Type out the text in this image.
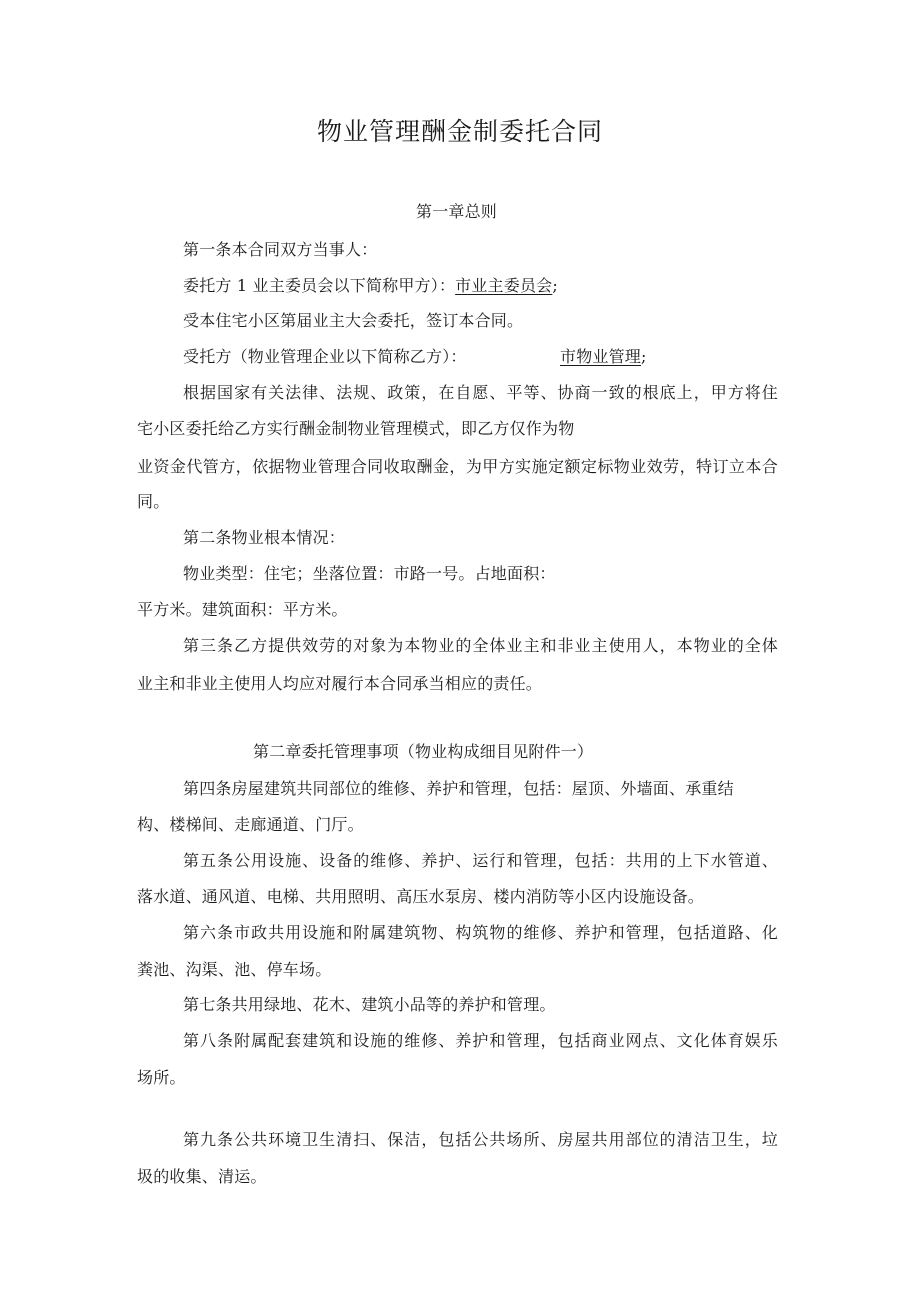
物业管理酬金制委托合同
第一章总则
第一条本合同双方当事人：
委托方 1 业主委员会以下简称甲方）：市业主委员会;
受本住宅小区第届业主大会委托，签订本合同。
受托方（物业管理企业以下简称乙方）：	市物业管理;
根据国家有关法律、法规、政策，在自愿、平等、协商一致的根底上，甲方将住
宅小区委托给乙方实行酬金制物业管理模式，即乙方仅作为物
业资金代管方，依据物业管理合同收取酬金，为甲方实施定额定标物业效劳，特订立本合
同。
第二条物业根本情况：
物业类型：住宅；坐落位置：市路一号。占地面积：
平方米。建筑面积：平方米。
第三条乙方提供效劳的对象为本物业的全体业主和非业主使用人，本物业的全体
业主和非业主使用人均应对履行本合同承当相应的责任。
第二章委托管理事项（物业构成细目见附件一）
第四条房屋建筑共同部位的维修、养护和管理，包括：屋顶、外墙面、承重结
构、楼梯间、走廊通道、门厅。
第五条公用设施、设备的维修、养护、运行和管理，包括：共用的上下水管道、
落水道、通风道、电梯、共用照明、高压水泵房、楼内消防等小区内设施设备。
第六条市政共用设施和附属建筑物、构筑物的维修、养护和管理，包括道路、化
粪池、沟渠、池、停车场。
第七条共用绿地、花木、建筑小品等的养护和管理。
第八条附属配套建筑和设施的维修、养护和管理，包括商业网点、文化体育娱乐
场所。
第九条公共环境卫生清扫、保洁，包括公共场所、房屋共用部位的清洁卫生，垃
圾的收集、清运。
